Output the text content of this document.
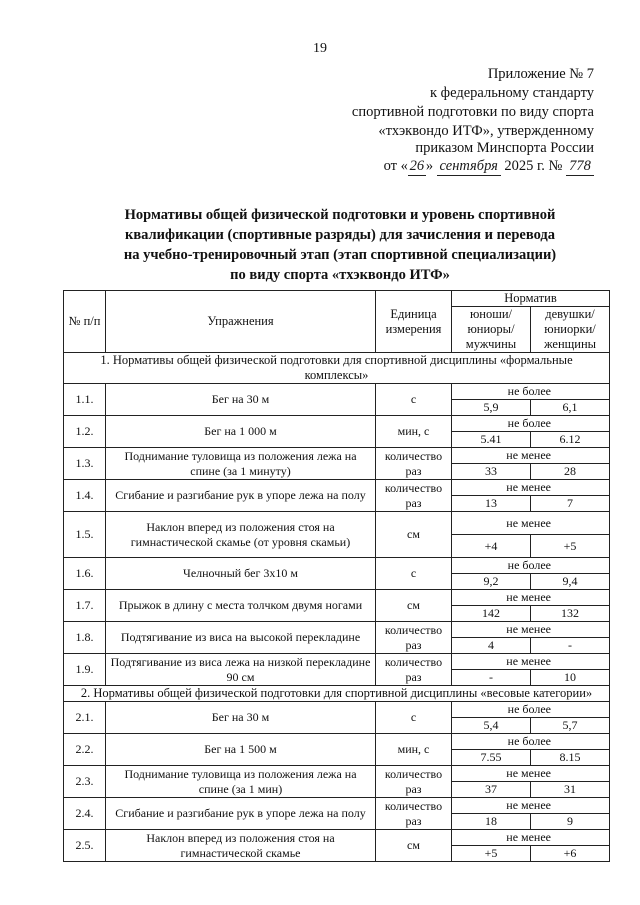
19
Приложение № 7
к федеральному стандарту
спортивной подготовки по виду спорта
«тхэквондо ИТФ», утвержденному
приказом Минспорта России
от « 26 » сентября 2025 г. № 778
Нормативы общей физической подготовки и уровень спортивной
квалификации (спортивные разряды) для зачисления и перевода
на учебно-тренировочный этап (этап спортивной специализации)
по виду спорта «тхэквондо ИТФ»
№ п/п	Упражнения	Единица измерения	Норматив	
			юноши/ юниоры/ мужчины	девушки/ юниорки/ женщины
1. Нормативы общей физической подготовки для спортивной дисциплины «формальные комплексы»				
1.1.	Бег на 30 м	с	не более	
			5,9	6,1
1.2.	Бег на 1 000 м	мин, с	не более	
			5.41	6.12
1.3.	Поднимание туловища из положения лежа на спине (за 1 минуту)	количество раз	не менее	
			33	28
1.4.	Сгибание и разгибание рук в упоре лежа на полу	количество раз	не менее	
			13	7
1.5.	Наклон вперед из положения стоя на гимнастической скамье (от уровня скамьи)	см	не менее	
			+4	+5
1.6.	Челночный бег 3х10 м	с	не более	
			9,2	9,4
1.7.	Прыжок в длину с места толчком двумя ногами	см	не менее	
			142	132
1.8.	Подтягивание из виса на высокой перекладине	количество раз	не менее	
			4	-
1.9.	Подтягивание из виса лежа на низкой перекладине 90 см	количество раз	не менее	
			-	10
2. Нормативы общей физической подготовки для спортивной дисциплины «весовые категории»				
2.1.	Бег на 30 м	с	не более	
			5,4	5,7
2.2.	Бег на 1 500 м	мин, с	не более	
			7.55	8.15
2.3.	Поднимание туловища из положения лежа на спине (за 1 мин)	количество раз	не менее	
			37	31
2.4.	Сгибание и разгибание рук в упоре лежа на полу	количество раз	не менее	
			18	9
2.5.	Наклон вперед из положения стоя на гимнастической скамье	см	не менее	
			+5	+6
